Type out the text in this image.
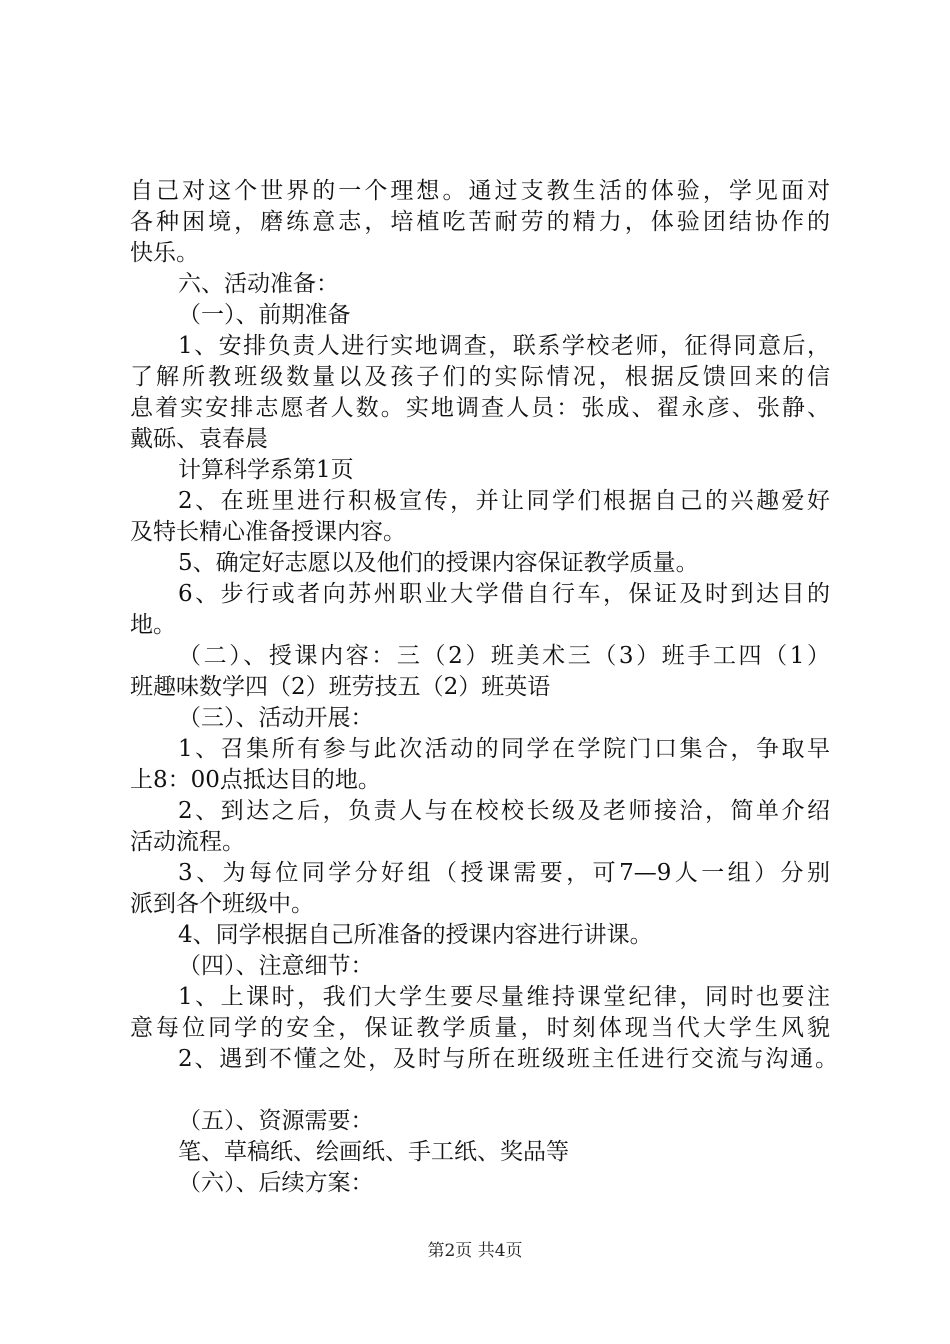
自己对这个世界的一个理想。通过支教生活的体验，学见面对
各种困境，磨练意志，培植吃苦耐劳的精力，体验团结协作的
快乐。
六、活动准备：
（一）、前期准备
1、安排负责人进行实地调查，联系学校老师，征得同意后，
了解所教班级数量以及孩子们的实际情况，根据反馈回来的信
息着实安排志愿者人数。实地调查人员：张成、翟永彦、张静、
戴砾、袁春晨
计算科学系第1页
2、在班里进行积极宣传，并让同学们根据自己的兴趣爱好
及特长精心准备授课内容。
5、确定好志愿以及他们的授课内容保证教学质量。
6、步行或者向苏州职业大学借自行车，保证及时到达目的
地。
（二）、授课内容：三（2）班美术三（3）班手工四（1）
班趣味数学四（2）班劳技五（2）班英语
（三）、活动开展：
1、召集所有参与此次活动的同学在学院门口集合，争取早
上8：00点抵达目的地。
2、到达之后，负责人与在校校长级及老师接洽，简单介绍
活动流程。
3、为每位同学分好组（授课需要，可7—9人一组）分别
派到各个班级中。
4、同学根据自己所准备的授课内容进行讲课。
（四）、注意细节：
1、上课时，我们大学生要尽量维持课堂纪律，同时也要注
意每位同学的安全，保证教学质量，时刻体现当代大学生风貌
2、遇到不懂之处，及时与所在班级班主任进行交流与沟通。
（五）、资源需要：
笔、草稿纸、绘画纸、手工纸、奖品等
（六）、后续方案：
第2页 共4页
